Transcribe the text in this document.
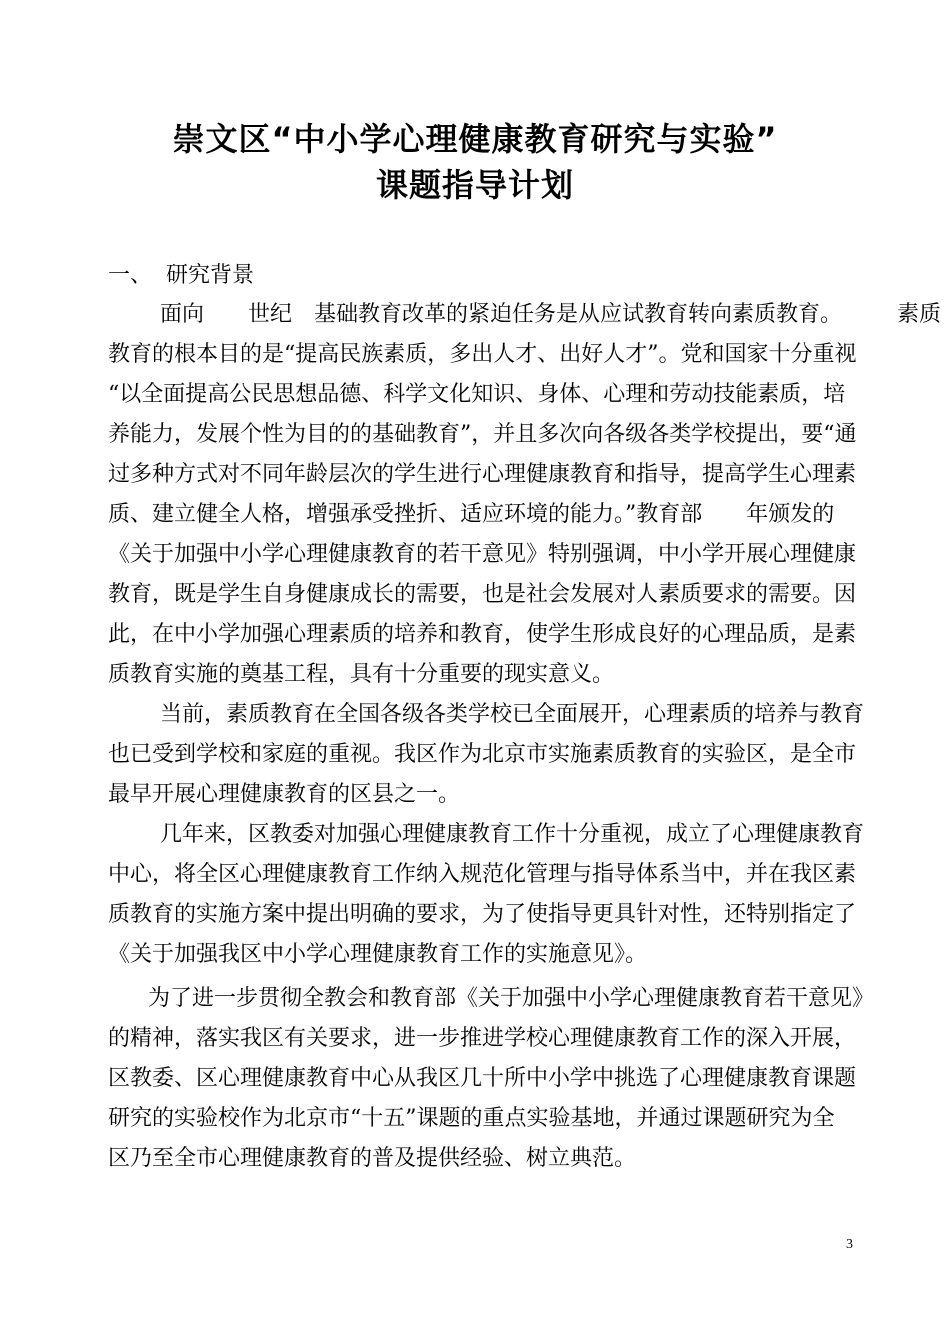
崇文区“中小学心理健康教育研究与实验”
课题指导计划
一、 研究背景
面向　　世纪　基础教育改革的紧迫任务是从应试教育转向素质教育。　　　素质
教育的根本目的是“提高民族素质，多出人才、出好人才”。党和国家十分重视
“以全面提高公民思想品德、科学文化知识、身体、心理和劳动技能素质，培
养能力，发展个性为目的的基础教育”，并且多次向各级各类学校提出，要“通
过多种方式对不同年龄层次的学生进行心理健康教育和指导，提高学生心理素
质、建立健全人格，增强承受挫折、适应环境的能力。”教育部　　年颁发的
《关于加强中小学心理健康教育的若干意见》特别强调，中小学开展心理健康
教育，既是学生自身健康成长的需要，也是社会发展对人素质要求的需要。因
此，在中小学加强心理素质的培养和教育，使学生形成良好的心理品质，是素
质教育实施的奠基工程，具有十分重要的现实意义。
当前，素质教育在全国各级各类学校已全面展开，心理素质的培养与教育
也已受到学校和家庭的重视。我区作为北京市实施素质教育的实验区，是全市
最早开展心理健康教育的区县之一。
几年来，区教委对加强心理健康教育工作十分重视，成立了心理健康教育
中心，将全区心理健康教育工作纳入规范化管理与指导体系当中，并在我区素
质教育的实施方案中提出明确的要求，为了使指导更具针对性，还特别指定了
《关于加强我区中小学心理健康教育工作的实施意见》。
为了进一步贯彻全教会和教育部《关于加强中小学心理健康教育若干意见》
的精神，落实我区有关要求，进一步推进学校心理健康教育工作的深入开展，
区教委、区心理健康教育中心从我区几十所中小学中挑选了心理健康教育课题
研究的实验校作为北京市“十五”课题的重点实验基地，并通过课题研究为全
区乃至全市心理健康教育的普及提供经验、树立典范。
3
